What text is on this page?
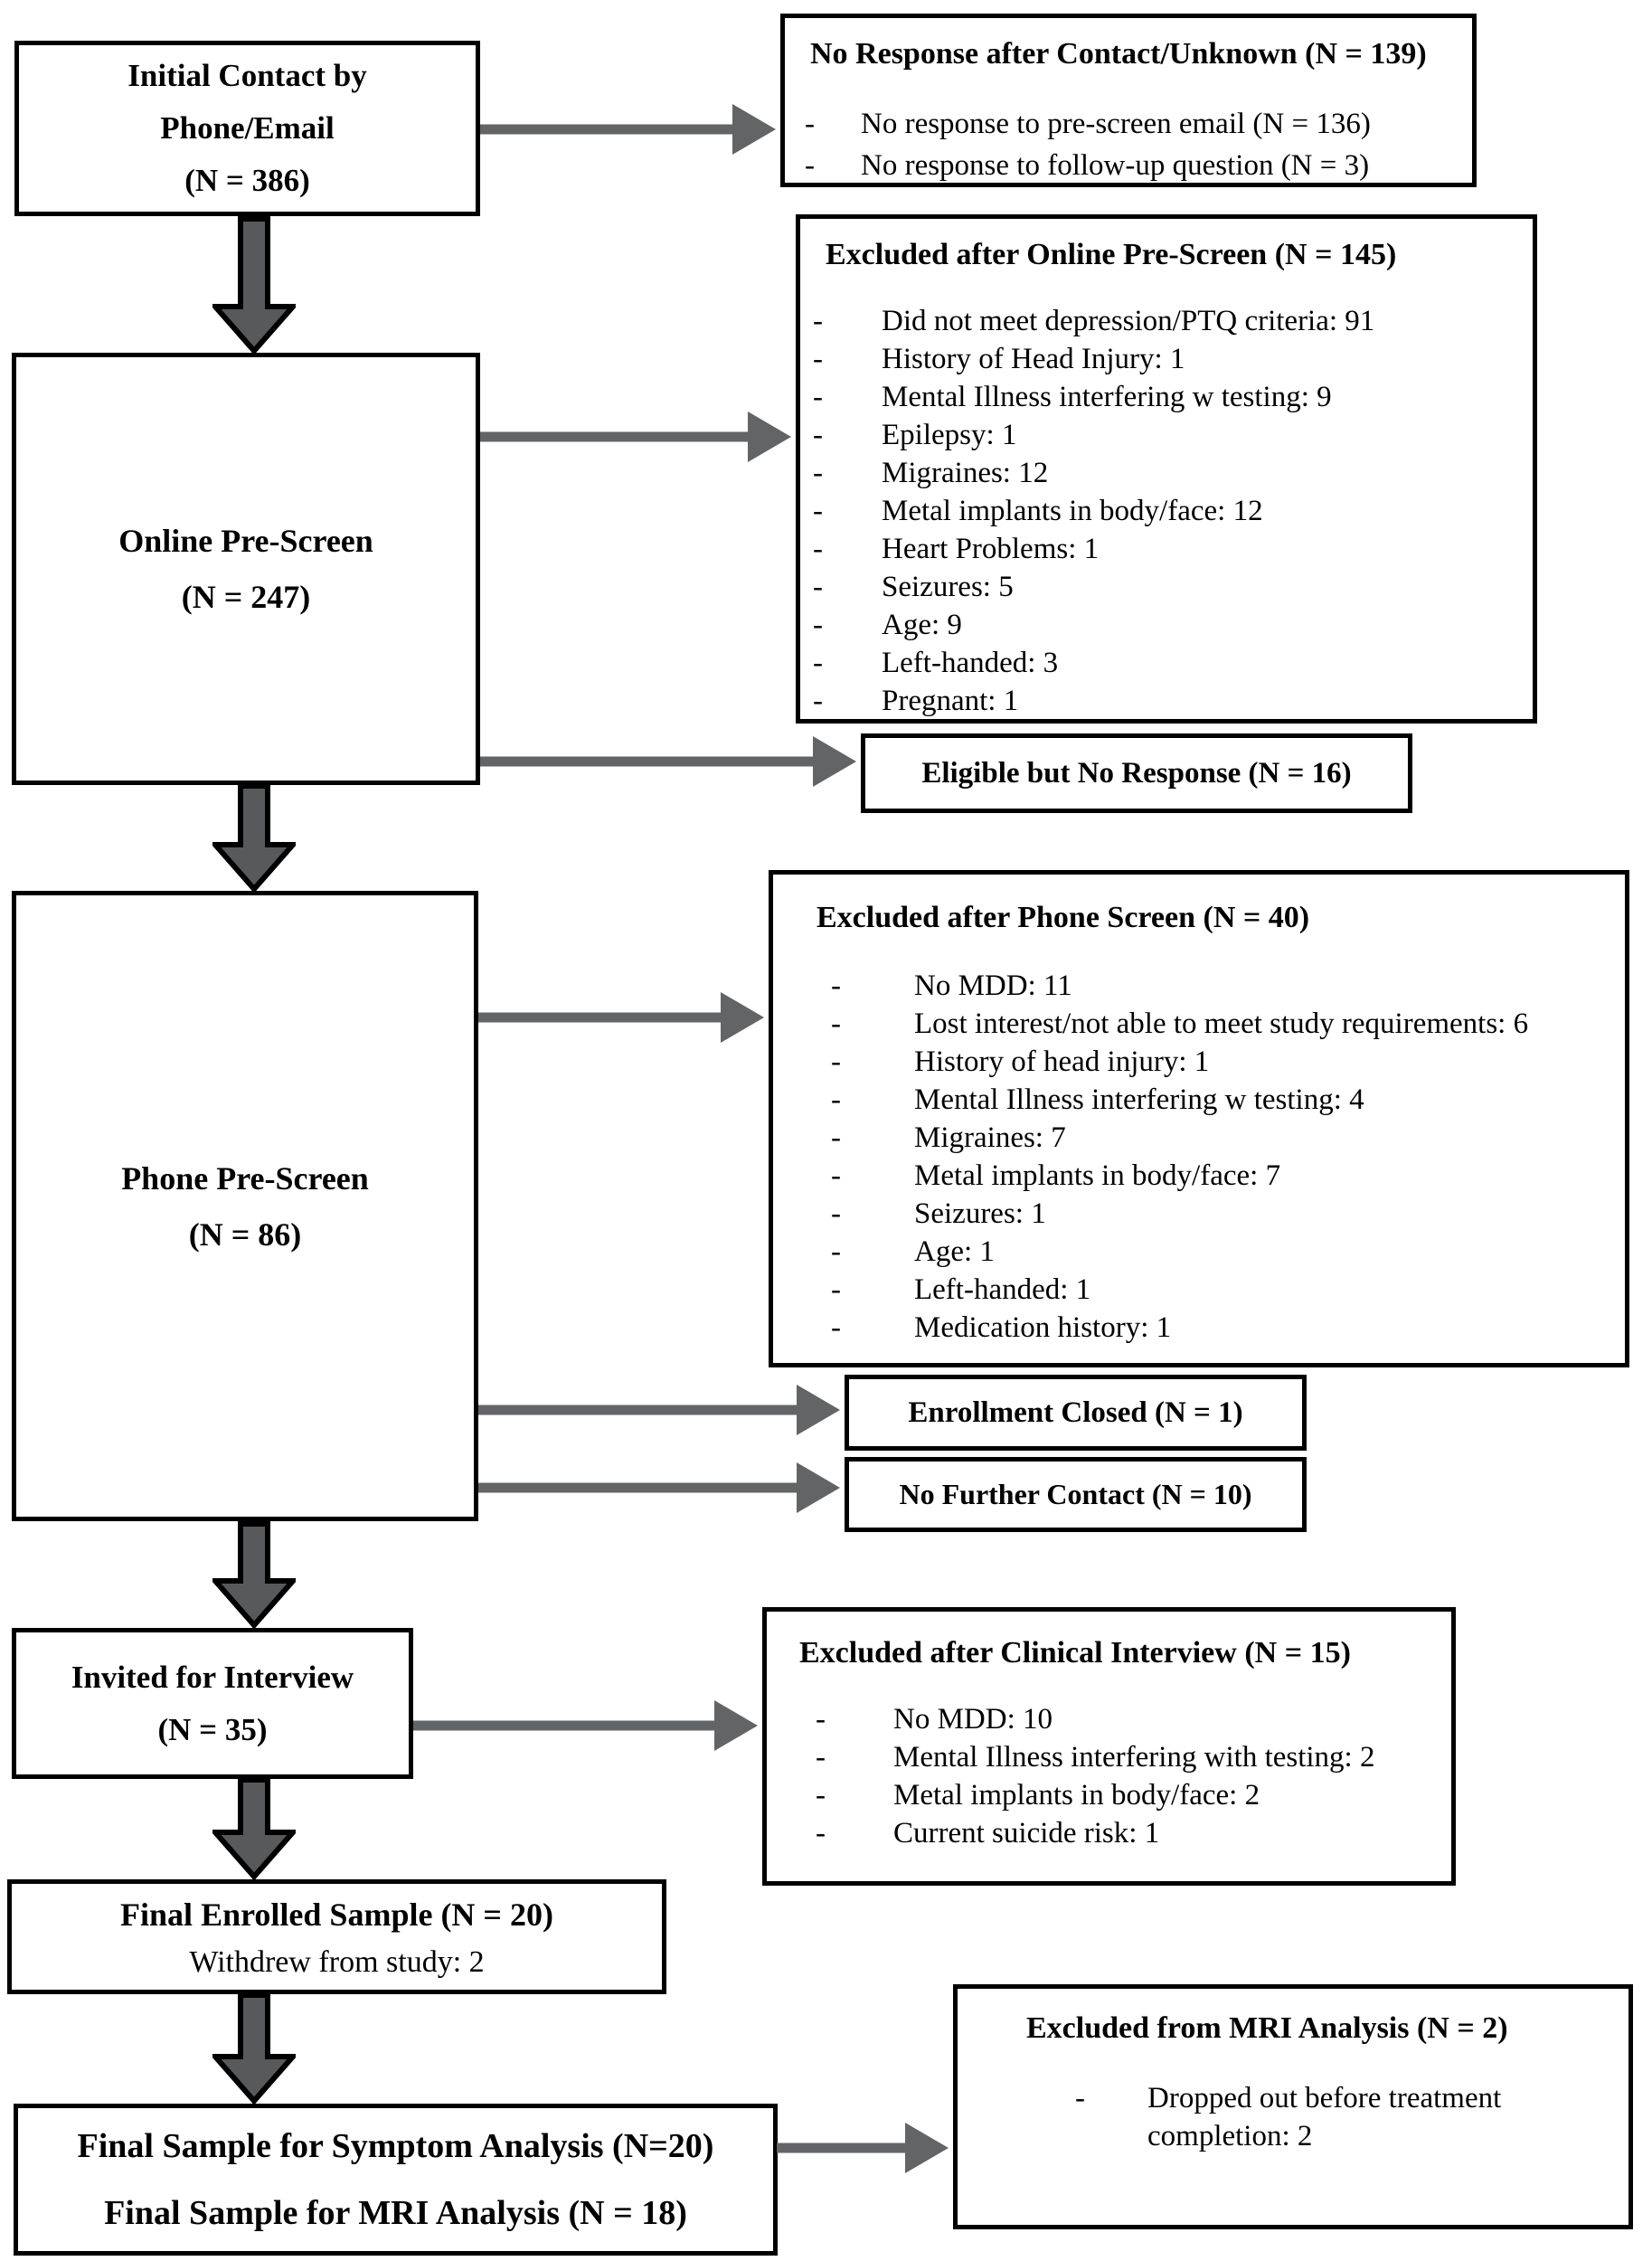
Initial Contact by
Phone/Email
(N = 386)
Online Pre-Screen
(N = 247)
Phone Pre-Screen
(N = 86)
Invited for Interview
(N = 35)
Final Enrolled Sample (N = 20)
Withdrew from study: 2
Final Sample for Symptom Analysis (N=20)
Final Sample for MRI Analysis (N = 18)
No Response after Contact/Unknown (N = 139)
-	No response to pre-screen email (N = 136)
-	No response to follow-up question (N = 3)
Excluded after Online Pre-Screen (N = 145)
-	Did not meet depression/PTQ criteria: 91
-	History of Head Injury: 1
-	Mental Illness interfering w testing: 9
-	Epilepsy: 1
-	Migraines: 12
-	Metal implants in body/face: 12
-	Heart Problems: 1
-	Seizures: 5
-	Age: 9
-	Left-handed: 3
-	Pregnant: 1
Eligible but No Response (N = 16)
Excluded after Phone Screen (N = 40)
-	No MDD: 11
-	Lost interest/not able to meet study requirements: 6
-	History of head injury: 1
-	Mental Illness interfering w testing: 4
-	Migraines: 7
-	Metal implants in body/face: 7
-	Seizures: 1
-	Age: 1
-	Left-handed: 1
-	Medication history: 1
Enrollment Closed (N = 1)
No Further Contact (N = 10)
Excluded after Clinical Interview (N = 15)
-	No MDD: 10
-	Mental Illness interfering with testing: 2
-	Metal implants in body/face: 2
-	Current suicide risk: 1
Excluded from MRI Analysis (N = 2)
-	Dropped out before treatment completion: 2
